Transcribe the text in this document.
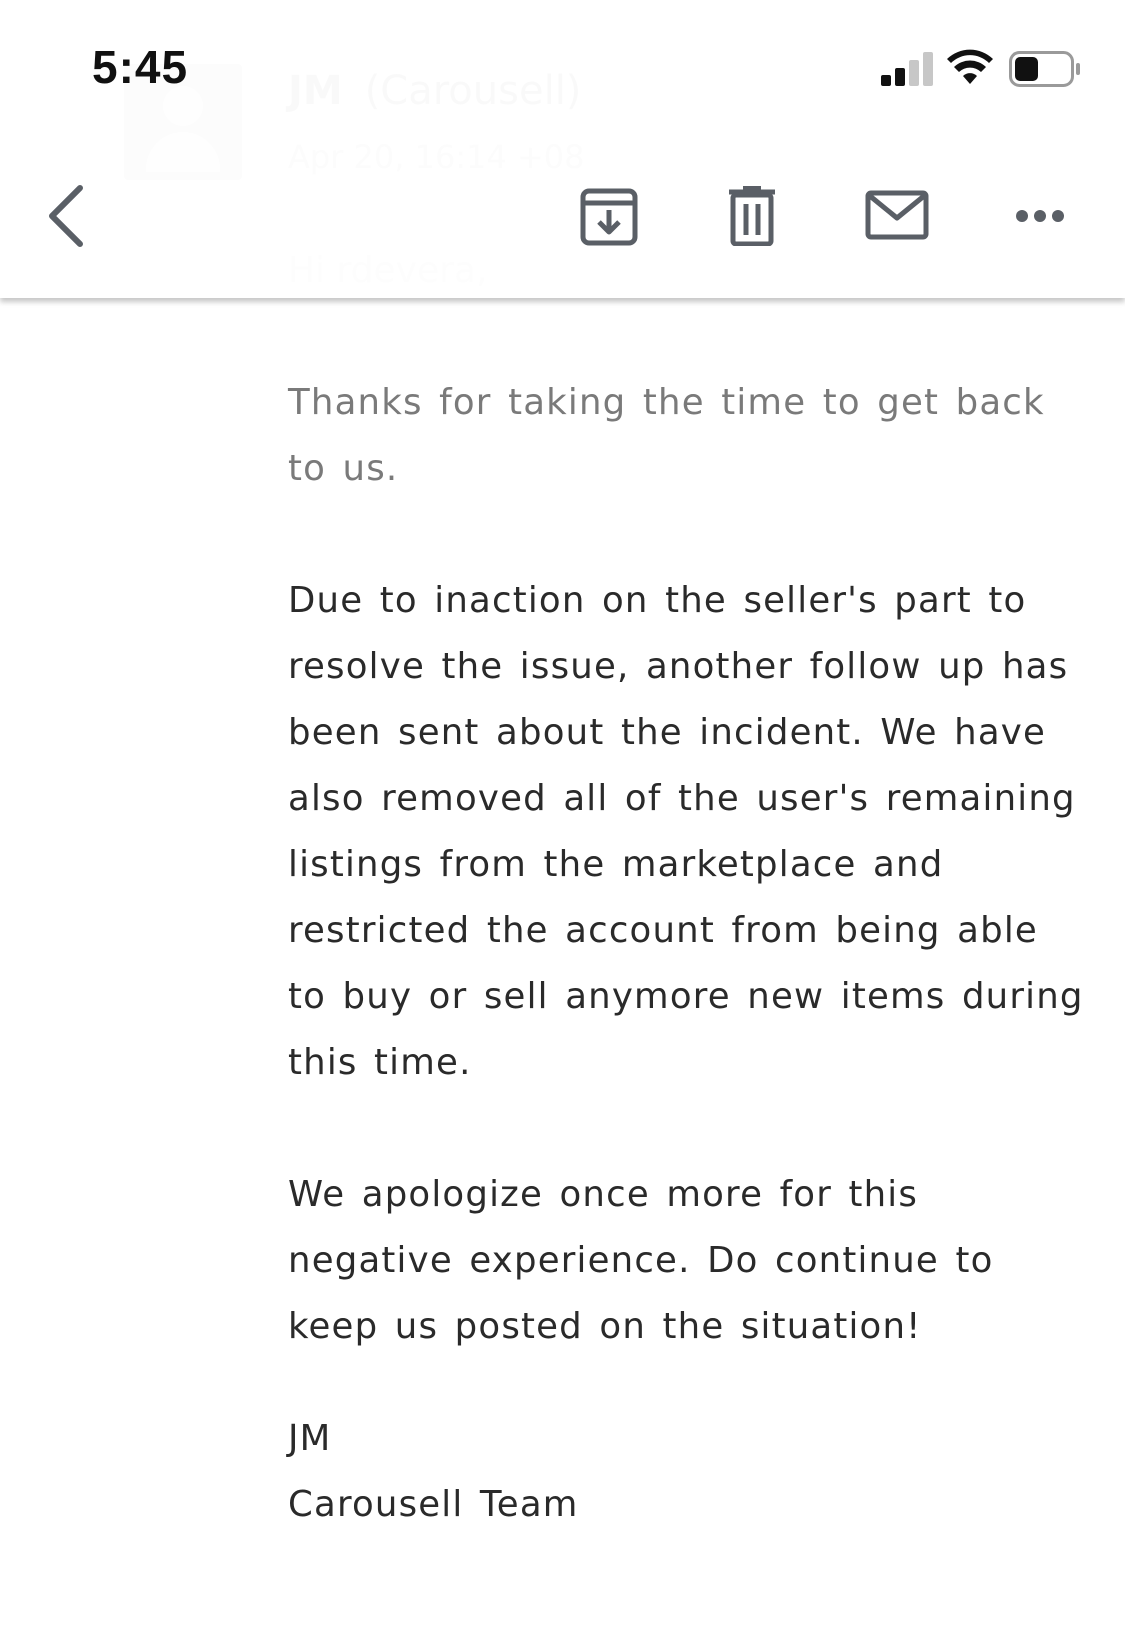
5:45

Thanks for taking the time to get back to us.

Due to inaction on the seller's part to resolve the issue, another follow up has been sent about the incident. We have also removed all of the user's remaining listings from the marketplace and restricted the account from being able to buy or sell anymore new items during this time.

We apologize once more for this negative experience. Do continue to keep us posted on the situation!

JM
Carousell Team
